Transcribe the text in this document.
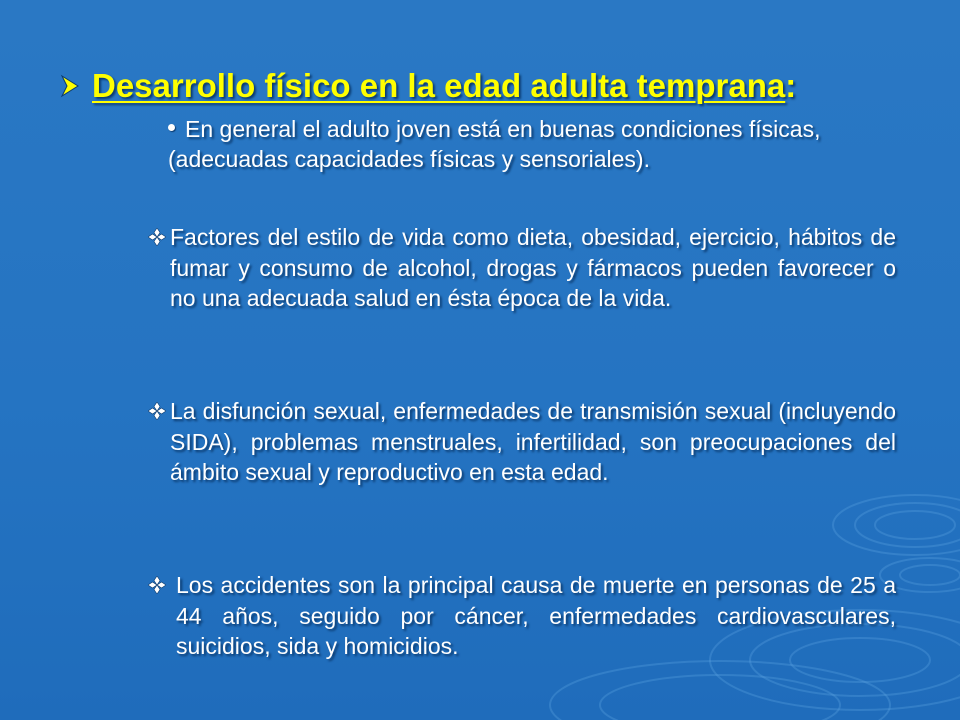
Desarrollo físico en la edad adulta temprana :
En general el adulto joven está en buenas condiciones físicas,(adecuadas capacidades físicas y sensoriales).
Factores del estilo de vida como dieta, obesidad, ejercicio, hábitos de fumar y consumo de alcohol, drogas y fármacos pueden favorecer o no una adecuada salud en ésta época de la vida.
La disfunción sexual, enfermedades de transmisión sexual (incluyendo SIDA), problemas menstruales, infertilidad, son preocupaciones del ámbito sexual y reproductivo en esta edad.
Los accidentes son la principal causa de muerte en personas de 25 a 44 años, seguido por cáncer, enfermedades cardiovasculares, suicidios, sida y homicidios.
